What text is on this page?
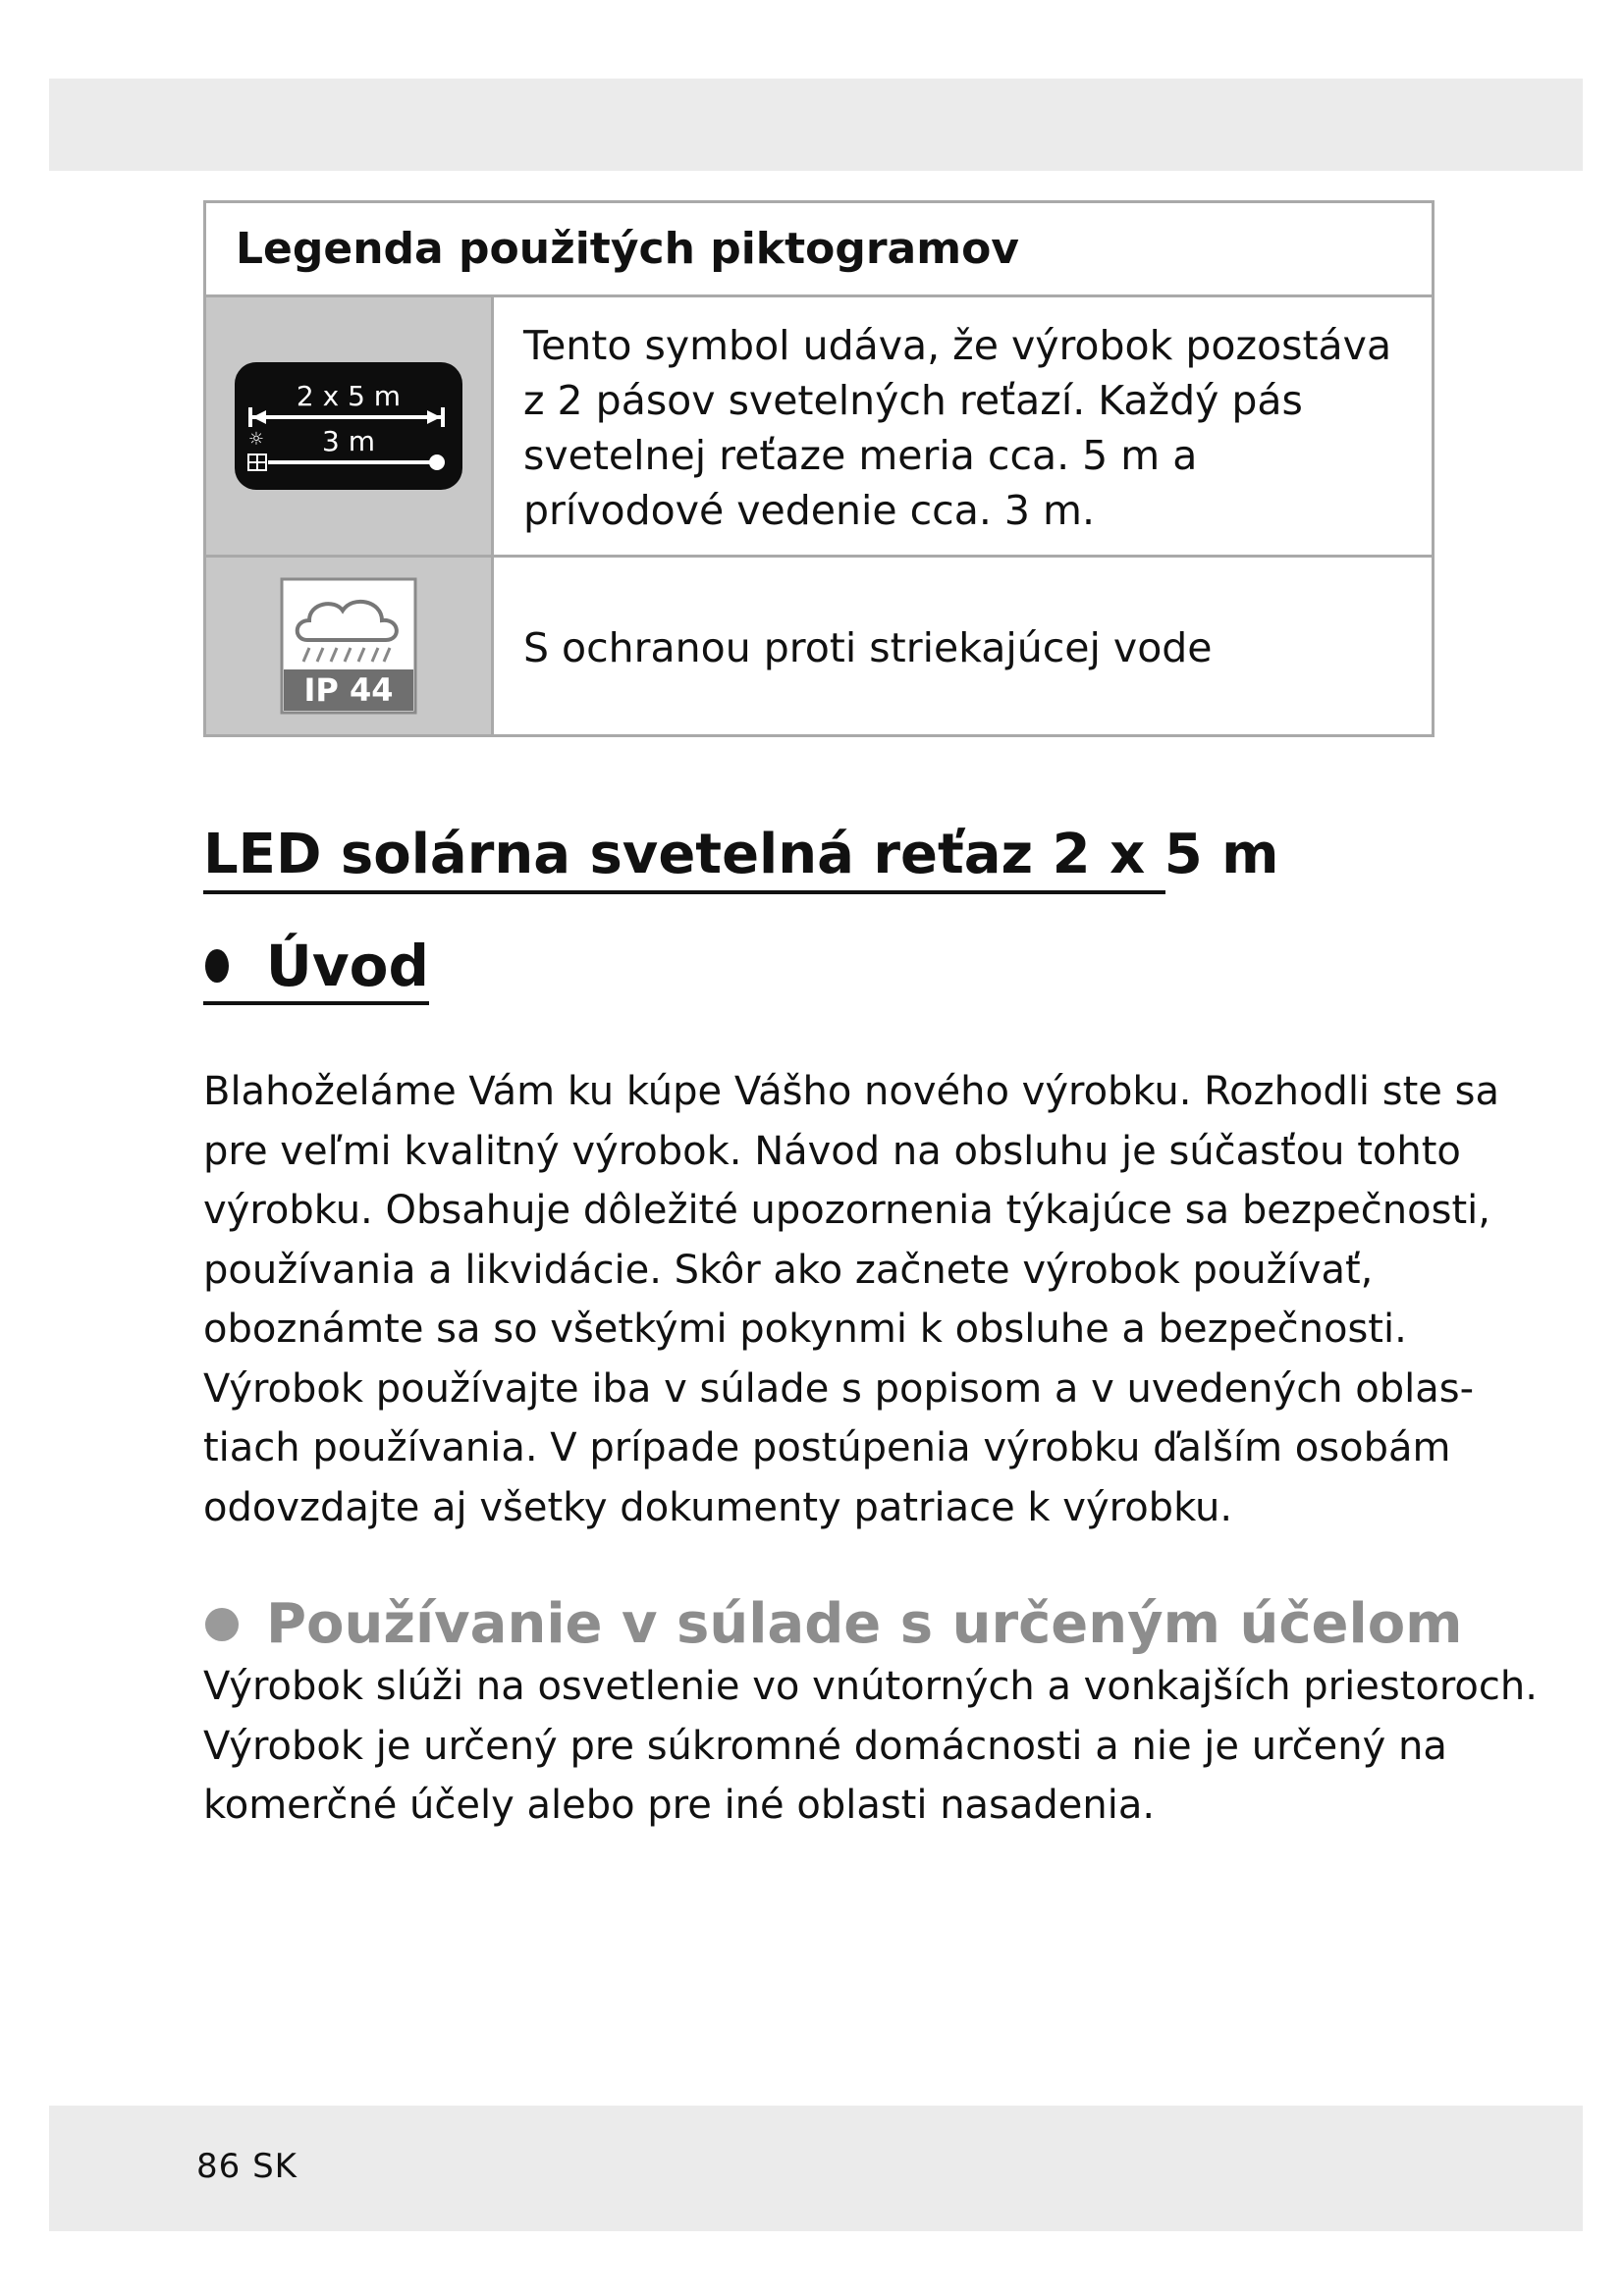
Legenda použitých piktogramov
2 x 5 m
3 m
☼
Tento symbol udáva, že výrobok pozostáva z 2 pásov svetelných reťazí. Každý pás svetelnej reťaze meria cca. 5 m a prívodové vedenie cca. 3 m.
IP 44
S ochranou proti striekajúcej vode
LED solárna svetelná reťaz 2 x 5 m
Úvod
Blahoželáme Vám ku kúpe Vášho nového výrobku. Rozhodli ste sa
pre veľmi kvalitný výrobok. Návod na obsluhu je súčasťou tohto
výrobku. Obsahuje dôležité upozornenia týkajúce sa bezpečnosti,
používania a likvidácie. Skôr ako začnete výrobok používať,
oboznámte sa so všetkými pokynmi k obsluhe a bezpečnosti.
Výrobok používajte iba v súlade s popisom a v uvedených oblas-
tiach používania. V prípade postúpenia výrobku ďalším osobám
odovzdajte aj všetky dokumenty patriace k výrobku.
Používanie v súlade s určeným účelom
Výrobok slúži na osvetlenie vo vnútorných a vonkajších priestoroch.
Výrobok je určený pre súkromné domácnosti a nie je určený na
komerčné účely alebo pre iné oblasti nasadenia.
86 SK
